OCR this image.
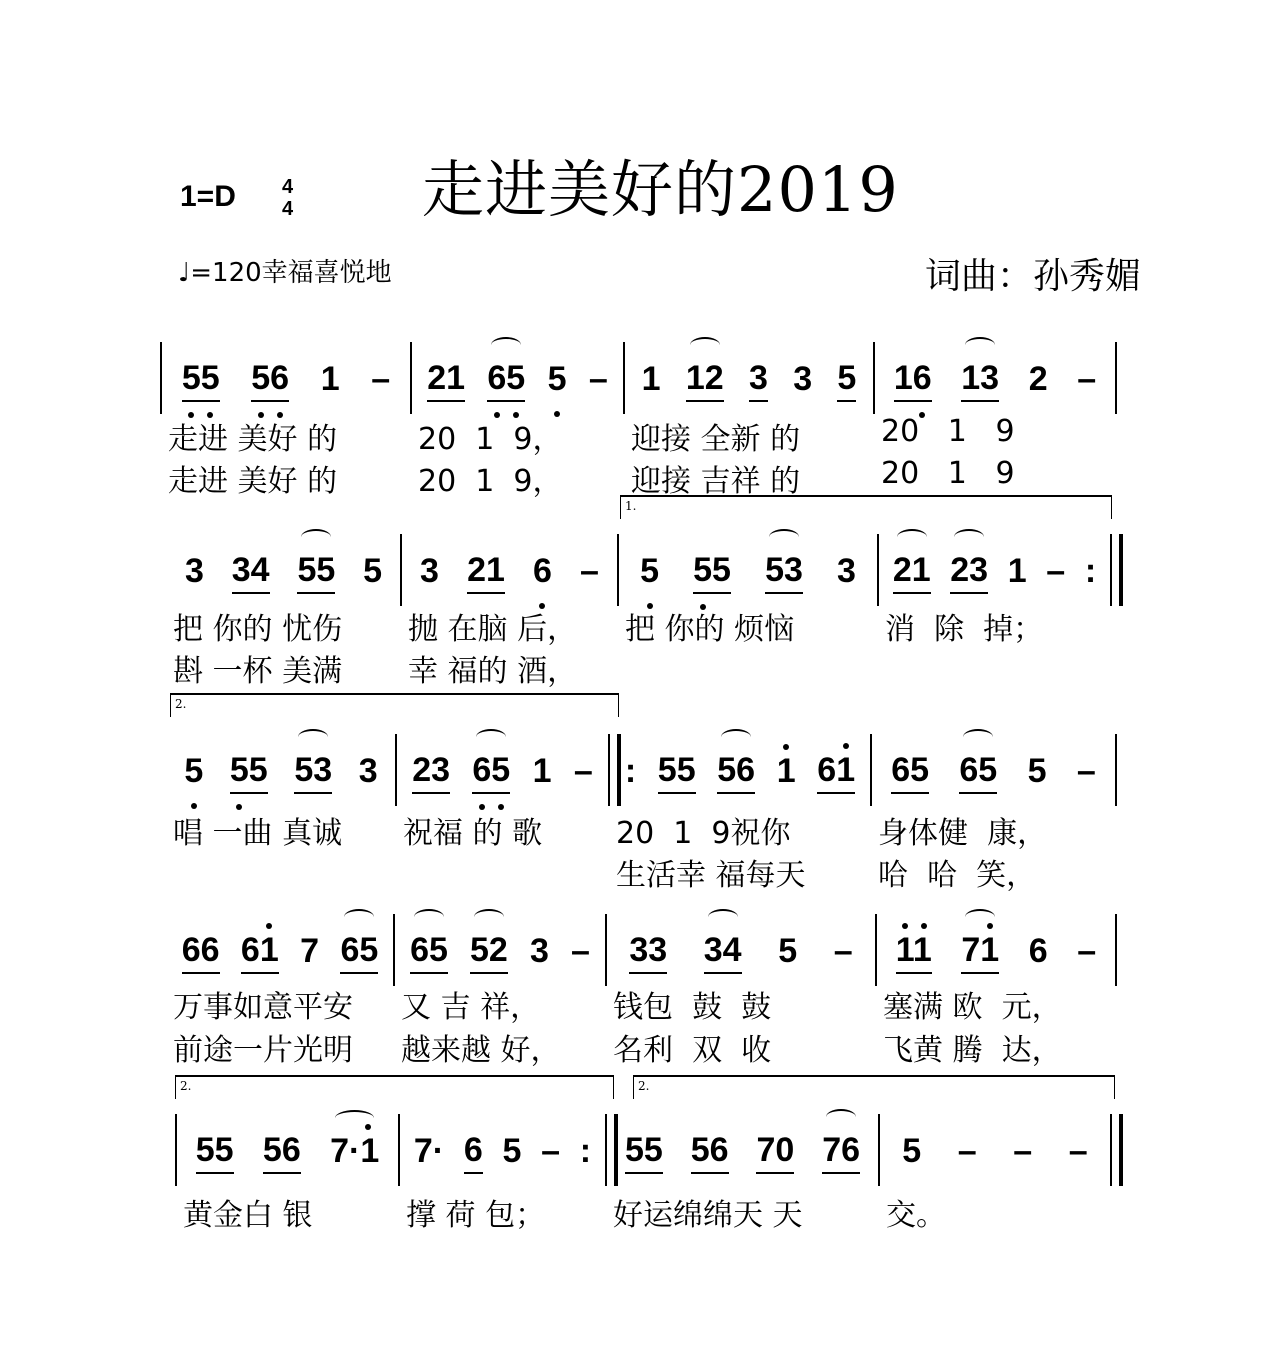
1=D 4
4 走进美好的2019
♩=120幸福喜悦地	词曲：孙秀媚
55 56 1 –
走进 美好 的
走进 美好 的
21 65 5 –
20  1  9，
20  1  9，
1 12 3 3 5
迎接 全新 的
迎接 吉祥 的
16 13 2 –
20   1   9
20   1   9
3 34 55 5
把 你的 忧伤
斟 一杯 美满
3 21 6 –
抛 在脑 后，
幸 福的 酒，
5 55 53 3
把 你的 烦恼
21 23 1 – :
消  除  掉；
1.
5 55 53 3
唱 一曲 真诚
23 65 1 –
祝福 的 歌
: 55 56 1 61
20  1  9祝你
生活幸 福每天
65 65 5 –
身体健  康，
哈  哈  笑，
2.
66 61 7 65
万事如意平安
前途一片光明
65 52 3 –
又 吉 祥，
越来越 好，
33 34 5 –
钱包  鼓  鼓
名利  双  收
11 71 6 –
塞满 欧  元，
飞黄 腾  达，
55 56 7·1
黄金白 银
7· 6 5 – :
撑 荷 包；
55 56 70 76
好运绵绵天 天
5 – – –
交。
2.	2.
